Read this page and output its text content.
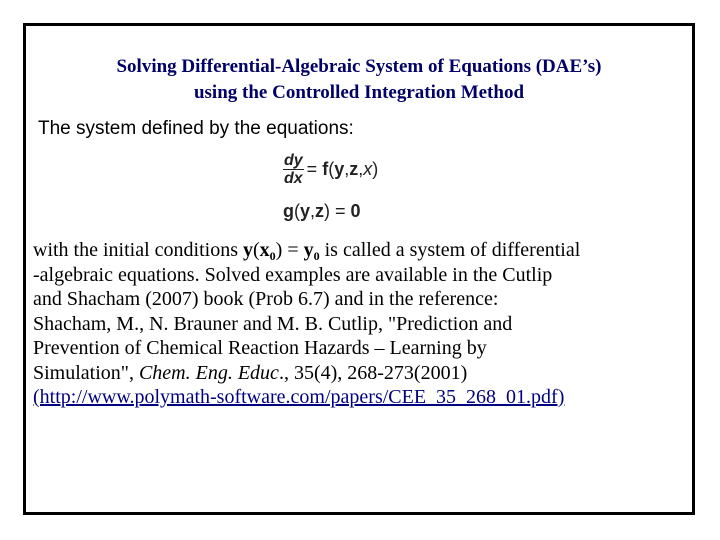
Solving Differential-Algebraic System of Equations (DAE’s)
using the Controlled Integration Method
The system defined by the equations:
$\frac{dy}{dx} = f(y,z,x)$
g(y,z) = 0
with the initial conditions $y(x_0) = y_0$ is called a system of differential
-algebraic equations. Solved examples are available in the Cutlip
and Shacham (2007) book (Prob 6.7) and in the reference:
Shacham, M., N. Brauner and M. B. Cutlip, "Prediction and
Prevention of Chemical Reaction Hazards – Learning by
Simulation", Chem. Eng. Educ., 35(4), 268-273(2001)
(http://www.polymath-software.com/papers/CEE_35_268_01.pdf)
